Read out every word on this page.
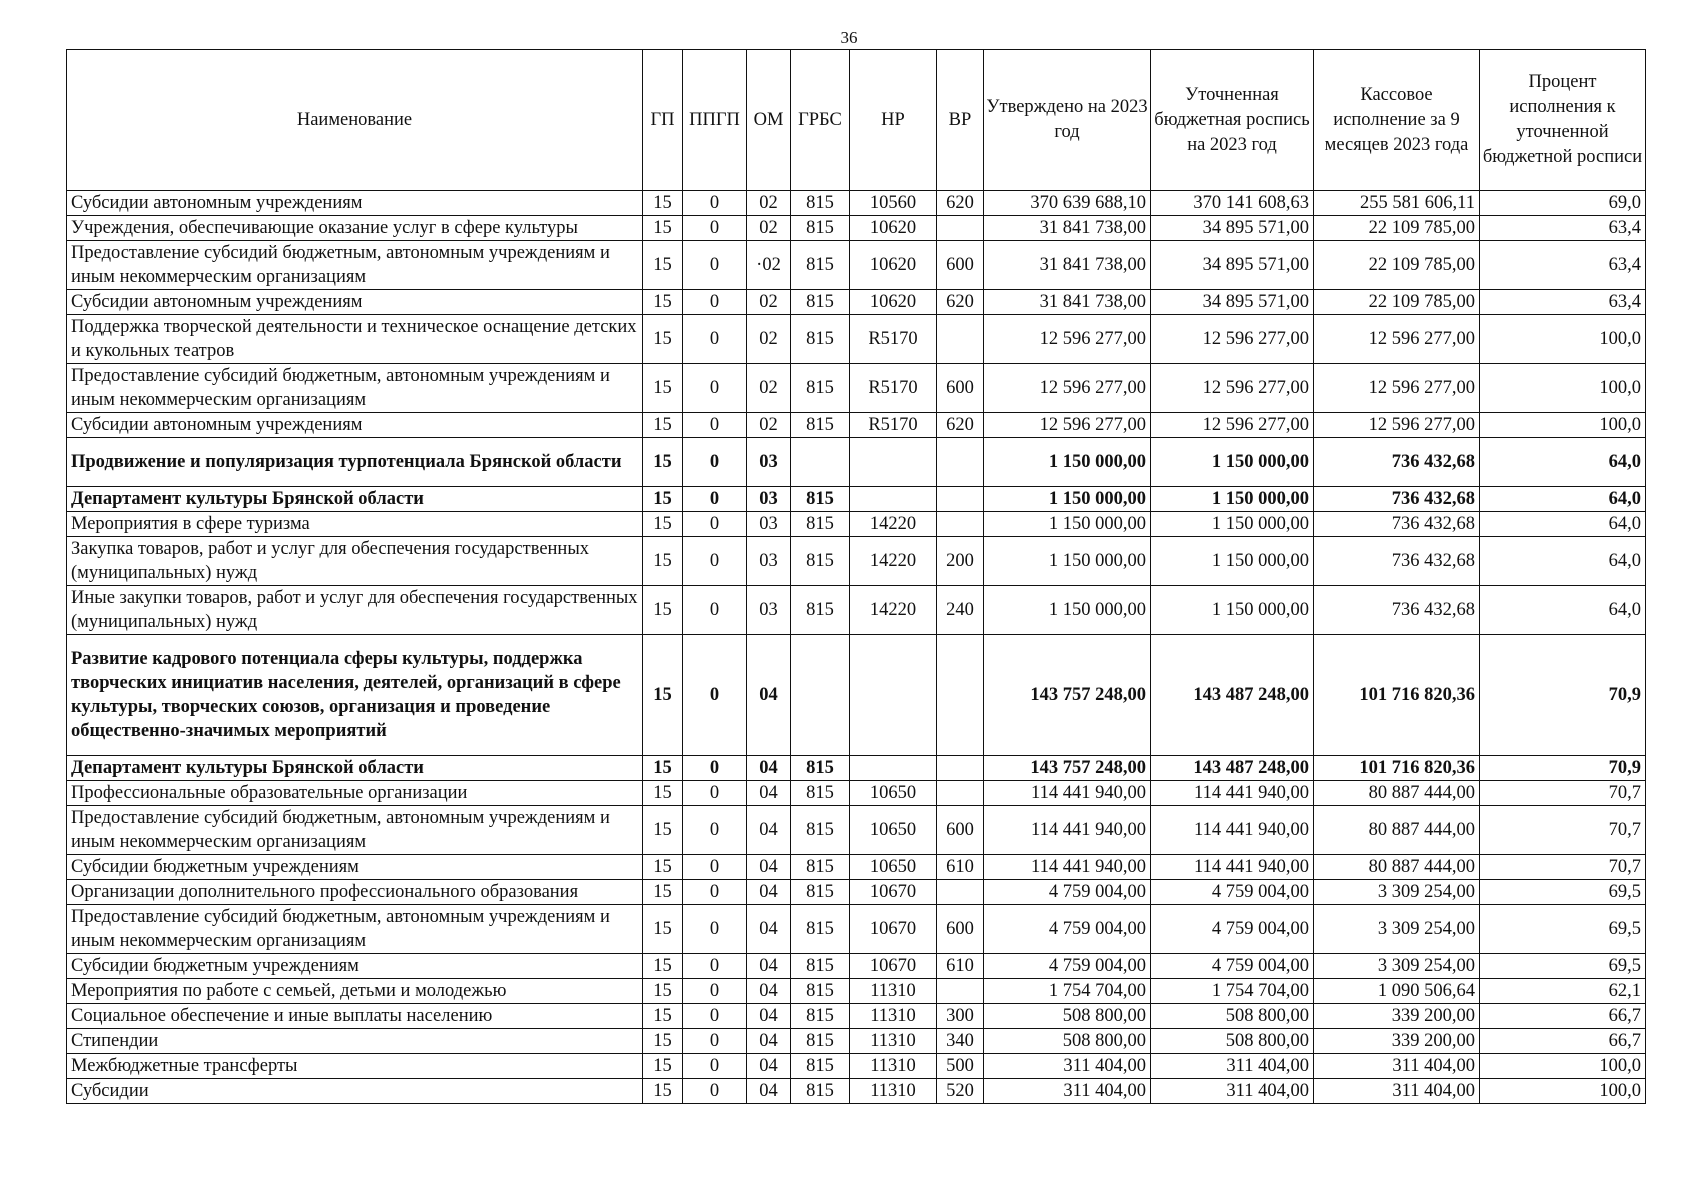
36
Наименование	ГП	ППГП	ОМ	ГРБС	НР	ВР	Утверждено на 2023 год	Уточненная бюджетная роспись на 2023 год	Кассовое исполнение за 9 месяцев 2023 года	Процент исполнения к уточненной бюджетной росписи
Субсидии автономным учреждениям	15	0	02	815	10560	620	370 639 688,10	370 141 608,63	255 581 606,11	69,0
Учреждения, обеспечивающие оказание услуг в сфере культуры	15	0	02	815	10620		31 841 738,00	34 895 571,00	22 109 785,00	63,4
Предоставление субсидий бюджетным, автономным учреждениям и иным некоммерческим организациям	15	0	·02	815	10620	600	31 841 738,00	34 895 571,00	22 109 785,00	63,4
Субсидии автономным учреждениям	15	0	02	815	10620	620	31 841 738,00	34 895 571,00	22 109 785,00	63,4
Поддержка творческой деятельности и техническое оснащение детских и кукольных театров	15	0	02	815	R5170		12 596 277,00	12 596 277,00	12 596 277,00	100,0
Предоставление субсидий бюджетным, автономным учреждениям и иным некоммерческим организациям	15	0	02	815	R5170	600	12 596 277,00	12 596 277,00	12 596 277,00	100,0
Субсидии автономным учреждениям	15	0	02	815	R5170	620	12 596 277,00	12 596 277,00	12 596 277,00	100,0
Продвижение и популяризация турпотенциала Брянской области	15	0	03				1 150 000,00	1 150 000,00	736 432,68	64,0
Департамент культуры Брянской области	15	0	03	815			1 150 000,00	1 150 000,00	736 432,68	64,0
Мероприятия в сфере туризма	15	0	03	815	14220		1 150 000,00	1 150 000,00	736 432,68	64,0
Закупка товаров, работ и услуг для обеспечения государственных (муниципальных) нужд	15	0	03	815	14220	200	1 150 000,00	1 150 000,00	736 432,68	64,0
Иные закупки товаров, работ и услуг для обеспечения государственных (муниципальных) нужд	15	0	03	815	14220	240	1 150 000,00	1 150 000,00	736 432,68	64,0
Развитие кадрового потенциала сферы культуры, поддержка творческих инициатив населения, деятелей, организаций в сфере культуры, творческих союзов, организация и проведение общественно-значимых мероприятий	15	0	04				143 757 248,00	143 487 248,00	101 716 820,36	70,9
Департамент культуры Брянской области	15	0	04	815			143 757 248,00	143 487 248,00	101 716 820,36	70,9
Профессиональные образовательные организации	15	0	04	815	10650		114 441 940,00	114 441 940,00	80 887 444,00	70,7
Предоставление субсидий бюджетным, автономным учреждениям и иным некоммерческим организациям	15	0	04	815	10650	600	114 441 940,00	114 441 940,00	80 887 444,00	70,7
Субсидии бюджетным учреждениям	15	0	04	815	10650	610	114 441 940,00	114 441 940,00	80 887 444,00	70,7
Организации дополнительного профессионального образования	15	0	04	815	10670		4 759 004,00	4 759 004,00	3 309 254,00	69,5
Предоставление субсидий бюджетным, автономным учреждениям и иным некоммерческим организациям	15	0	04	815	10670	600	4 759 004,00	4 759 004,00	3 309 254,00	69,5
Субсидии бюджетным учреждениям	15	0	04	815	10670	610	4 759 004,00	4 759 004,00	3 309 254,00	69,5
Мероприятия по работе с семьей, детьми и молодежью	15	0	04	815	11310		1 754 704,00	1 754 704,00	1 090 506,64	62,1
Социальное обеспечение и иные выплаты населению	15	0	04	815	11310	300	508 800,00	508 800,00	339 200,00	66,7
Стипендии	15	0	04	815	11310	340	508 800,00	508 800,00	339 200,00	66,7
Межбюджетные трансферты	15	0	04	815	11310	500	311 404,00	311 404,00	311 404,00	100,0
Субсидии	15	0	04	815	11310	520	311 404,00	311 404,00	311 404,00	100,0
